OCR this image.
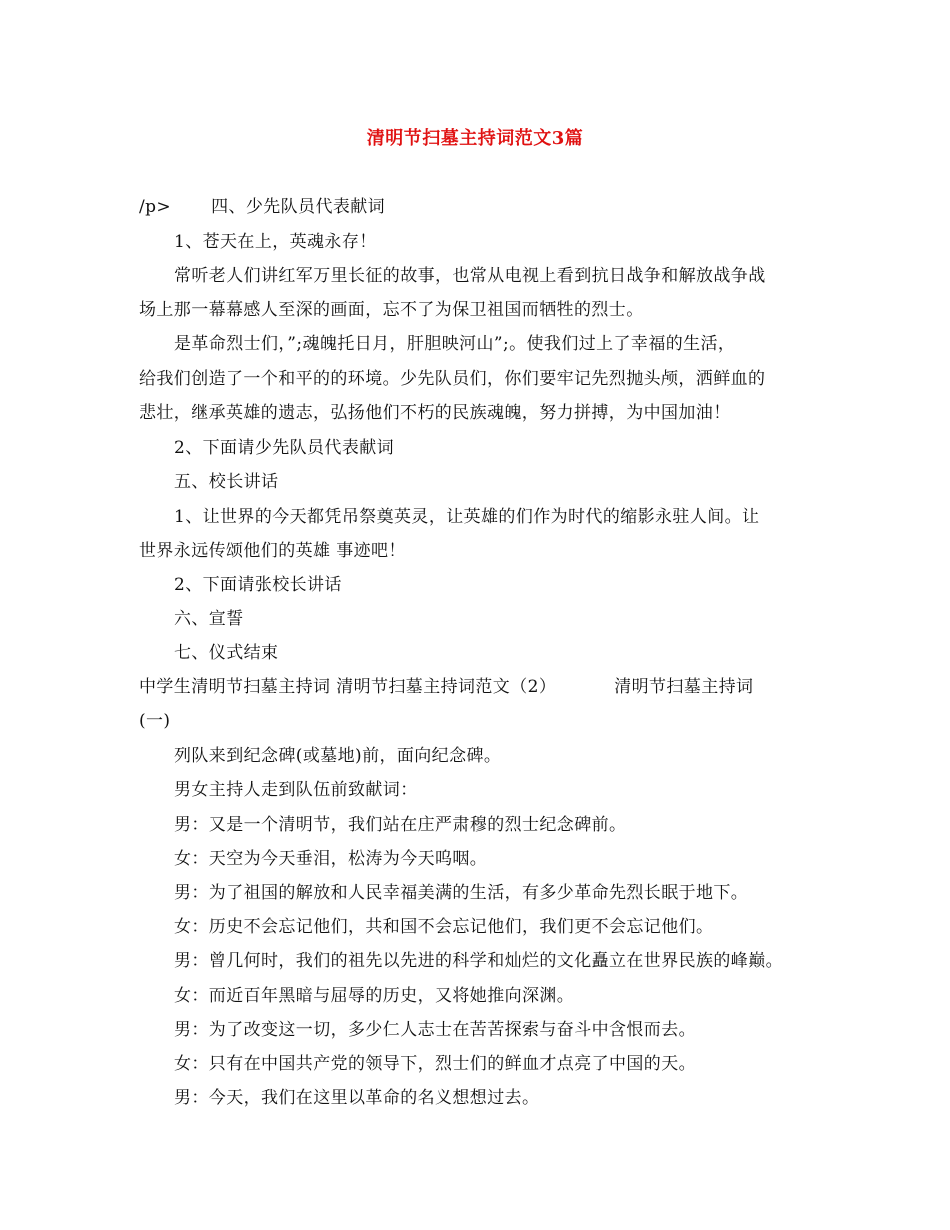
清明节扫墓主持词范文3篇
/p> 四、少先队员代表献词
1、苍天在上，英魂永存！
常听老人们讲红军万里长征的故事，也常从电视上看到抗日战争和解放战争战
场上那一幕幕感人至深的画面，忘不了为保卫祖国而牺牲的烈士。
是革命烈士们，”;魂魄托日月，肝胆映河山”;。使我们过上了幸福的生活，
给我们创造了一个和平的的环境。少先队员们，你们要牢记先烈抛头颅，洒鲜血的
悲壮，继承英雄的遗志，弘扬他们不朽的民族魂魄，努力拼搏，为中国加油！
2、下面请少先队员代表献词
五、校长讲话
1、让世界的今天都凭吊祭奠英灵，让英雄的们作为时代的缩影永驻人间。让
世界永远传颂他们的英雄 事迹吧！
2、下面请张校长讲话
六、宣誓
七、仪式结束
中学生清明节扫墓主持词 清明节扫墓主持词范文（2）	清明节扫墓主持词
(一)
列队来到纪念碑(或墓地)前，面向纪念碑。
男女主持人走到队伍前致献词：
男：又是一个清明节，我们站在庄严肃穆的烈士纪念碑前。
女：天空为今天垂泪，松涛为今天呜咽。
男：为了祖国的解放和人民幸福美满的生活，有多少革命先烈长眠于地下。
女：历史不会忘记他们，共和国不会忘记他们，我们更不会忘记他们。
男：曾几何时，我们的祖先以先进的科学和灿烂的文化矗立在世界民族的峰巅。
女：而近百年黑暗与屈辱的历史，又将她推向深渊。
男：为了改变这一切，多少仁人志士在苦苦探索与奋斗中含恨而去。
女：只有在中国共产党的领导下，烈士们的鲜血才点亮了中国的天。
男：今天，我们在这里以革命的名义想想过去。
